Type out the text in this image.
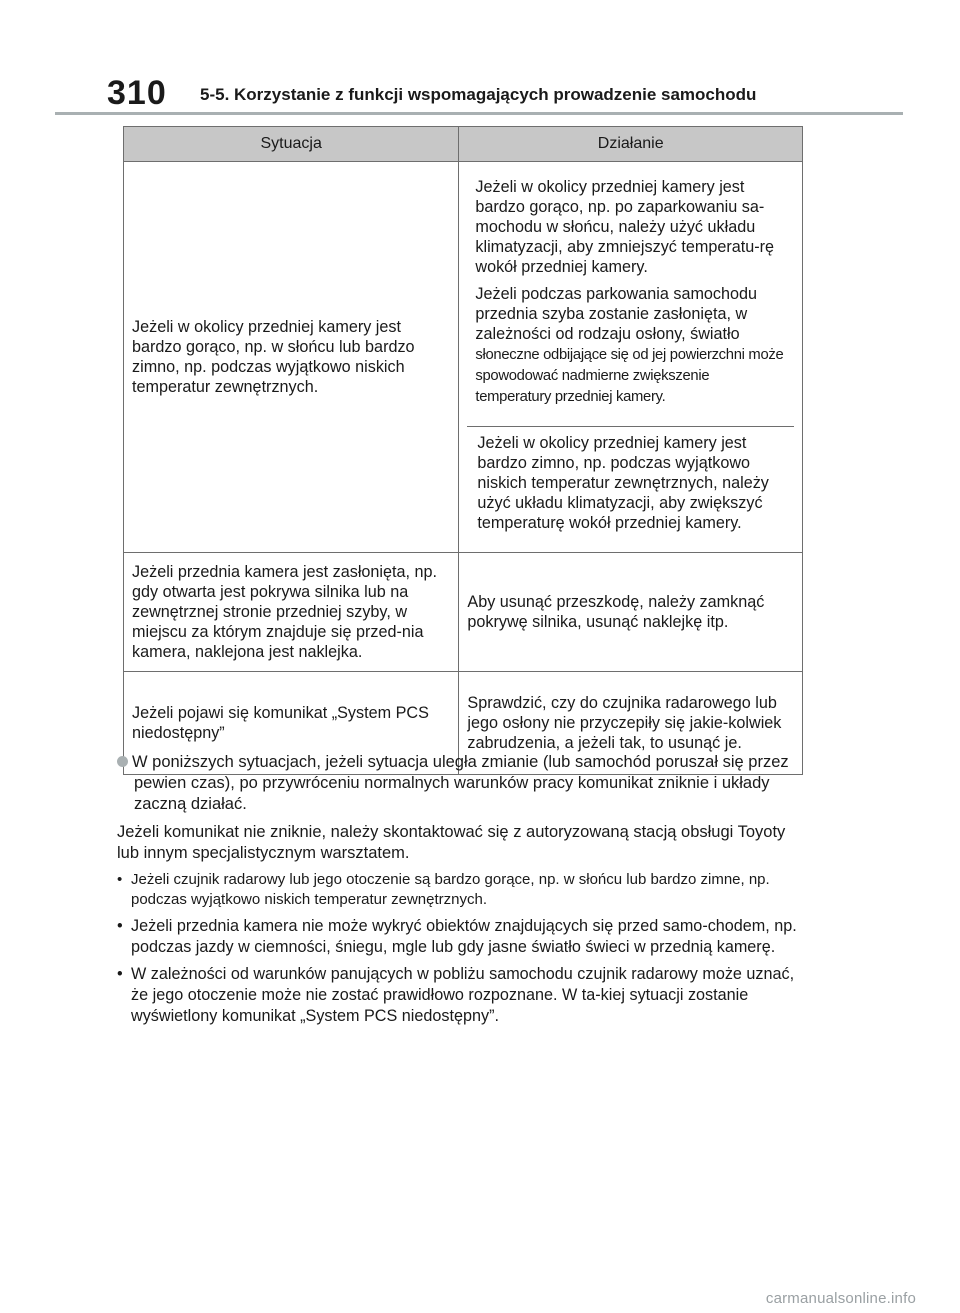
310 5-5. Korzystanie z funkcji wspomagających prowadzenie samochodu
Sytuacja	Działanie
Jeżeli w okolicy przedniej kamery jest bardzo gorąco, np. w słońcu lub bardzo zimno, np. podczas wyjątkowo niskich temperatur zewnętrznych.	Jeżeli w okolicy przedniej kamery jest bardzo gorąco, np. po zaparkowaniu sa-mochodu w słońcu, należy użyć układu klimatyzacji, aby zmniejszyć temperatu-rę wokół przedniej kamery.

Jeżeli podczas parkowania samochodu przednia szyba zostanie zasłonięta, w zależności od rodzaju osłony, światło słoneczne odbijające się od jej powierzchni może spowodować nadmierne zwiększenie temperatury przedniej kamery.

Jeżeli w okolicy przedniej kamery jest bardzo zimno, np. podczas wyjątkowo niskich temperatur zewnętrznych, należy użyć układu klimatyzacji, aby zwiększyć temperaturę wokół przedniej kamery.

Jeżeli przednia kamera jest zasłonięta, np. gdy otwarta jest pokrywa silnika lub na zewnętrznej stronie przedniej szyby, w miejscu za którym znajduje się przed-nia kamera, naklejona jest naklejka.	Aby usunąć przeszkodę, należy zamknąć pokrywę silnika, usunąć naklejkę itp.
Jeżeli pojawi się komunikat „System PCS niedostępny”	Sprawdzić, czy do czujnika radarowego lub jego osłony nie przyczepiły się jakie-kolwiek zabrudzenia, a jeżeli tak, to usunąć je.
W poniższych sytuacjach, jeżeli sytuacja uległa zmianie (lub samochód poruszał się przez pewien czas), po przywróceniu normalnych warunków pracy komunikat zniknie i układy zaczną działać.
Jeżeli komunikat nie zniknie, należy skontaktować się z autoryzowaną stacją obsługi Toyoty lub innym specjalistycznym warsztatem.

• Jeżeli czujnik radarowy lub jego otoczenie są bardzo gorące, np. w słońcu lub bardzo zimne, np. podczas wyjątkowo niskich temperatur zewnętrznych.

• Jeżeli przednia kamera nie może wykryć obiektów znajdujących się przed samo-chodem, np. podczas jazdy w ciemności, śniegu, mgle lub gdy jasne światło świeci w przednią kamerę.

• W zależności od warunków panujących w pobliżu samochodu czujnik radarowy może uznać, że jego otoczenie może nie zostać prawidłowo rozpoznane. W ta-kiej sytuacji zostanie wyświetlony komunikat „System PCS niedostępny”.

carmanualsonline.info
